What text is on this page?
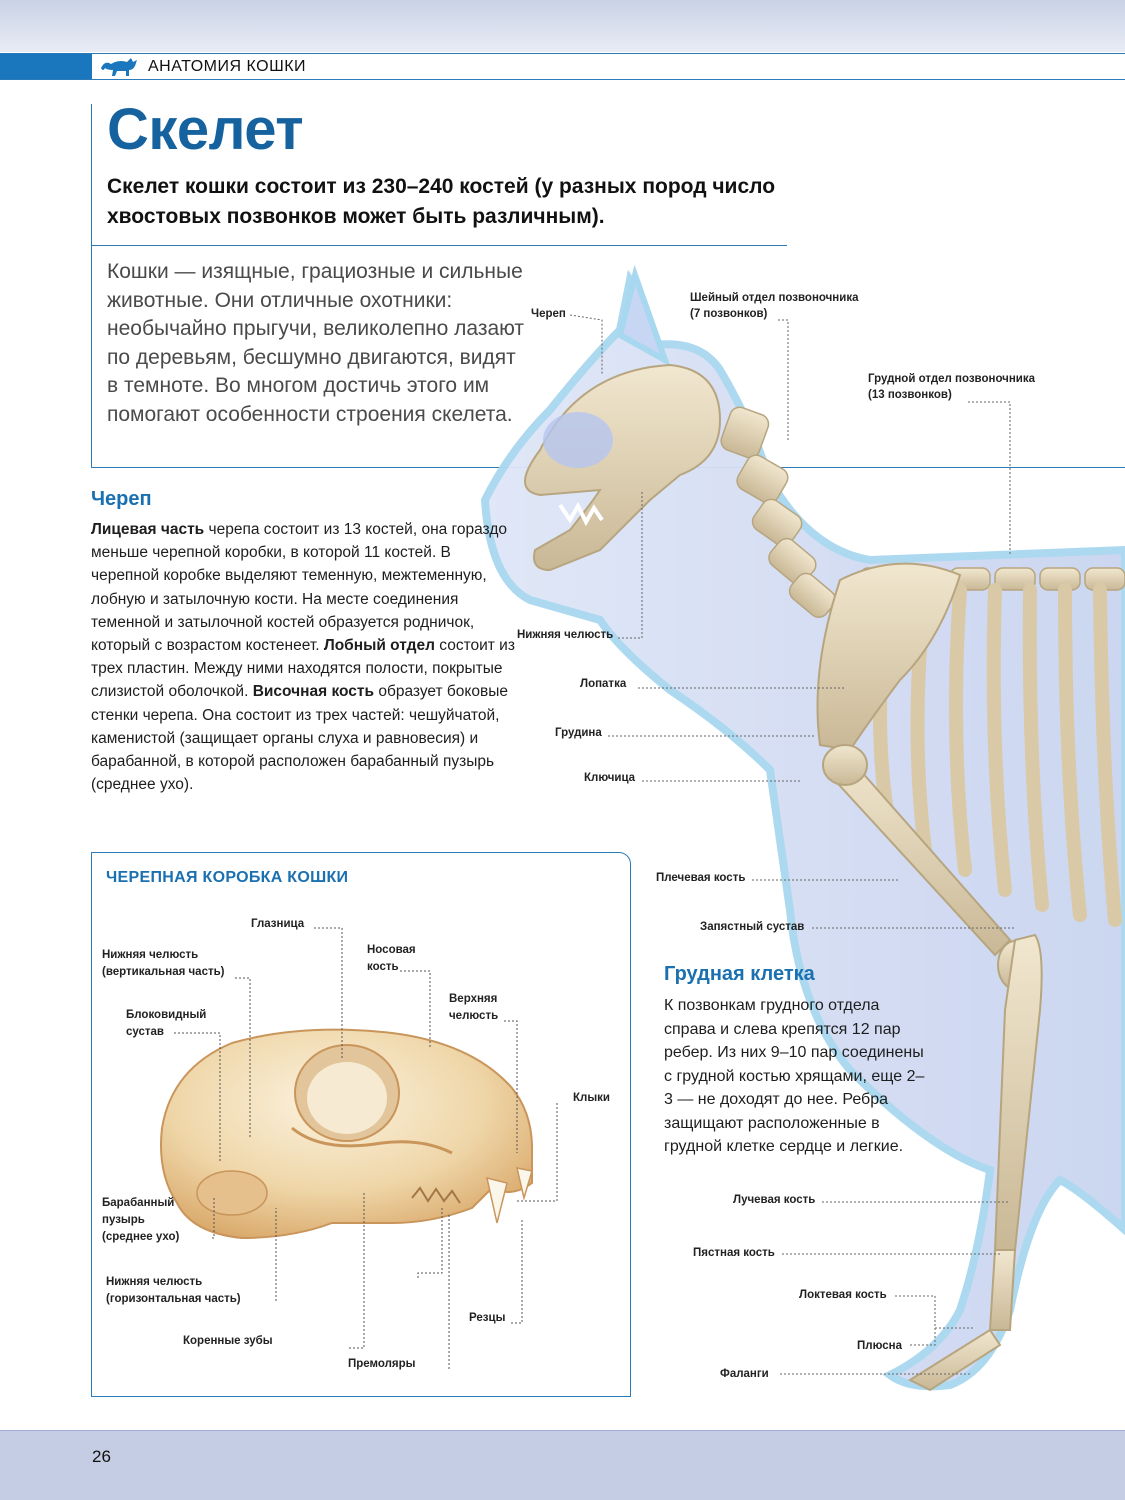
АНАТОМИЯ КОШКИ
Скелет
Скелет кошки состоит из 230–240 костей (у разных пород число хвостовых позвонков может быть различным).
Кошки — изящные, грациозные и сильные животные. Они отличные охотники: необычайно прыгучи, великолепно лазают по деревьям, бесшумно двигаются, видят в темноте. Во многом достичь этого им помогают особенности строения скелета.
Череп
Шейный отдел позвоночника
(7 позвонков)
Грудной отдел позвоночника
(13 позвонков)
Нижняя челюсть
Лопатка
Грудина
Ключица
Плечевая кость
Запястный сустав
Лучевая кость
Пястная кость
Локтевая кость
Плюсна
Фаланги
Череп
Лицевая часть черепа состоит из 13 костей, она гораздо меньше черепной коробки, в которой 11 костей. В черепной коробке выделяют теменную, межтеменную, лобную и затылочную кости. На месте соединения теменной и затылочной костей образуется родничок, который с возрастом костенеет. Лобный отдел состоит из трех пластин. Между ними находятся полости, покрытые слизистой оболочкой. Височная кость образует боковые стенки черепа. Она состоит из трех частей: чешуйчатой, каменистой (защищает органы слуха и равновесия) и барабанной, в которой расположен барабанный пузырь (среднее ухо).
Грудная клетка
К позвонкам грудного отдела справа и слева крепятся 12 пар ребер. Из них 9–10 пар соединены с грудной костью хрящами, еще 2–3 — не доходят до нее. Ребра защищают расположенные в грудной клетке сердце и легкие.
ЧЕРЕПНАЯ КОРОБКА КОШКИ
Глазница
Носовая
кость
Верхняя
челюсть
Нижняя челюсть
(вертикальная часть)
Блоковидный
сустав
Клыки
Барабанный
пузырь
(среднее ухо)
Нижняя челюсть
(горизонтальная часть)
Резцы
Коренные зубы
Премоляры
26
